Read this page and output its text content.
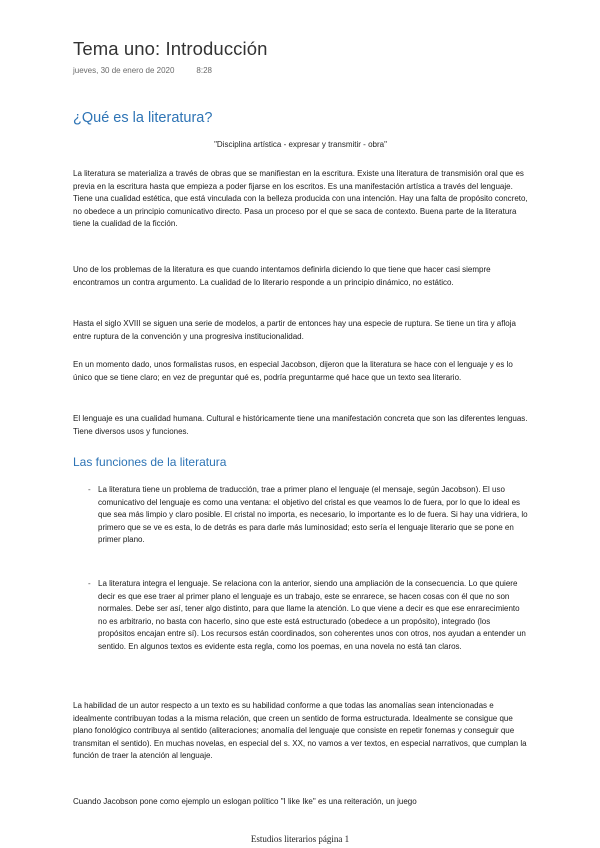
Tema uno: Introducción
jueves, 30 de enero de 2020	8:28
¿Qué es la literatura?
"Disciplina artística - expresar y transmitir - obra"
La literatura se materializa a través de obras que se manifiestan en la escritura. Existe una literatura de transmisión oral que es previa en la escritura hasta que empieza a poder fijarse en los escritos. Es una manifestación artística a través del lenguaje. Tiene una cualidad estética, que está vinculada con la belleza producida con una intención. Hay una falta de propósito concreto, no obedece a un principio comunicativo directo. Pasa un proceso por el que se saca de contexto. Buena parte de la literatura tiene la cualidad de la ficción.
Uno de los problemas de la literatura es que cuando intentamos definirla diciendo lo que tiene que hacer casi siempre encontramos un contra argumento. La cualidad de lo literario responde a un principio dinámico, no estático.
Hasta el siglo XVIII se siguen una serie de modelos, a partir de entonces hay una especie de ruptura. Se tiene un tira y afloja entre ruptura de la convención y una progresiva institucionalidad.
En un momento dado, unos formalistas rusos, en especial Jacobson, dijeron que la literatura se hace con el lenguaje y es lo único que se tiene claro; en vez de preguntar qué es, podría preguntarme qué hace que un texto sea literario.
El lenguaje es una cualidad humana. Cultural e históricamente tiene una manifestación concreta que son las diferentes lenguas. Tiene diversos usos y funciones.
Las funciones de la literatura
- La literatura tiene un problema de traducción, trae a primer plano el lenguaje (el mensaje, según Jacobson). El uso comunicativo del lenguaje es como una ventana: el objetivo del cristal es que veamos lo de fuera, por lo que lo ideal es que sea más limpio y claro posible. El cristal no importa, es necesario, lo importante es lo de fuera. Si hay una vidriera, lo primero que se ve es esta, lo de detrás es para darle más luminosidad; esto sería el lenguaje literario que se pone en primer plano.
- La literatura integra el lenguaje. Se relaciona con la anterior, siendo una ampliación de la consecuencia. Lo que quiere decir es que ese traer al primer plano el lenguaje es un trabajo, este se enrarece, se hacen cosas con él que no son normales. Debe ser así, tener algo distinto, para que llame la atención. Lo que viene a decir es que ese enrarecimiento no es arbitrario, no basta con hacerlo, sino que este está estructurado (obedece a un propósito), integrado (los propósitos encajan entre sí). Los recursos están coordinados, son coherentes unos con otros, nos ayudan a entender un sentido. En algunos textos es evidente esta regla, como los poemas, en una novela no está tan claros.
La habilidad de un autor respecto a un texto es su habilidad conforme a que todas las anomalías sean intencionadas e idealmente contribuyan todas a la misma relación, que creen un sentido de forma estructurada. Idealmente se consigue que plano fonológico contribuya al sentido (aliteraciones; anomalía del lenguaje que consiste en repetir fonemas y conseguir que transmitan el sentido). En muchas novelas, en especial del s. XX, no vamos a ver textos, en especial narrativos, que cumplan la función de traer la atención al lenguaje.
Cuando Jacobson pone como ejemplo un eslogan político "I like Ike" es una reiteración, un juego
Estudios literarios página 1
